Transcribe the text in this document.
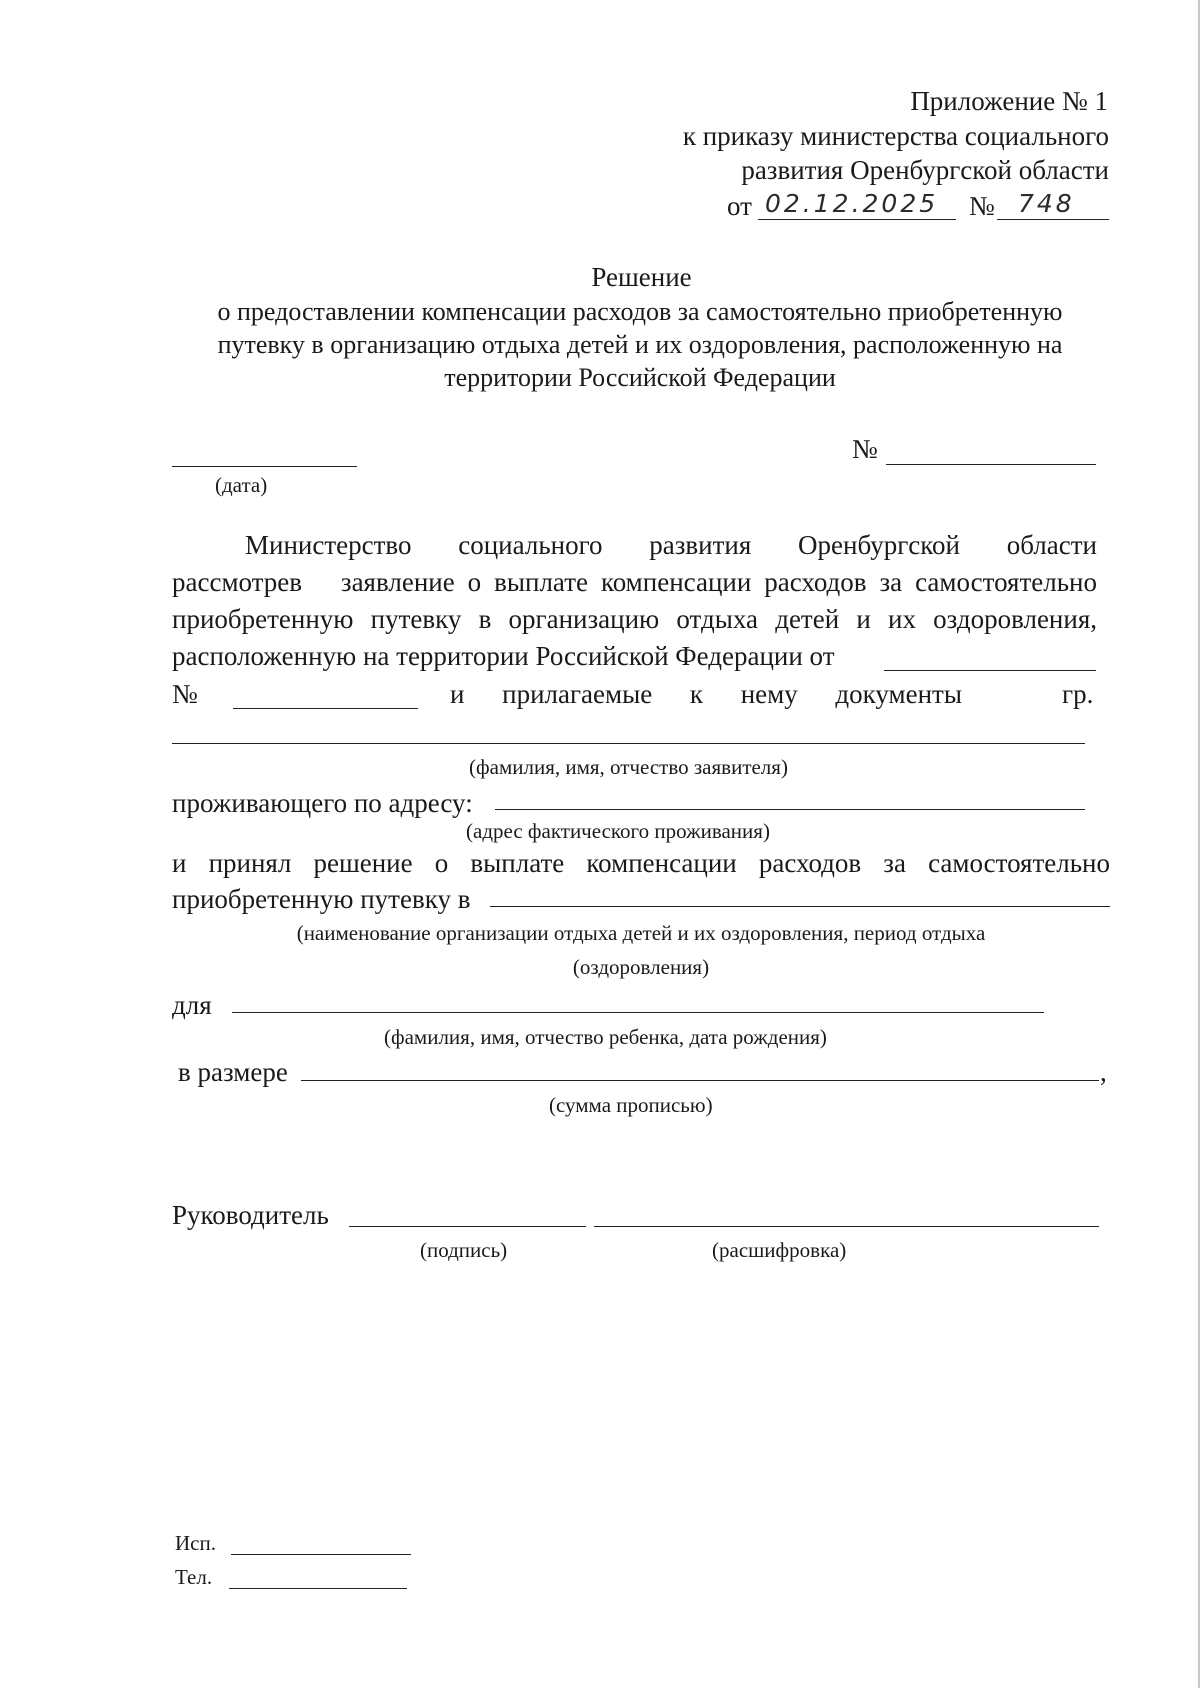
Приложение № 1
к приказу министерства социального
развития Оренбургской области
от 02.12.2025 № 748
Решение
о предоставлении компенсации расходов за самостоятельно приобретенную
путевку в организацию отдыха детей и их оздоровления, расположенную на
территории Российской Федерации
(дата)
№
Министерство социального развития Оренбургской области
рассмотрев   заявление о выплате компенсации расходов за самостоятельно
приобретенную путевку в организацию отдыха детей и их оздоровления,
расположенную на территории Российской Федерации от
№	и прилагаемые к нему документы	гр.
(фамилия, имя, отчество заявителя)
проживающего по адресу:
(адрес фактического проживания)
и принял решение о выплате компенсации расходов за самостоятельно
приобретенную путевку в
(наименование организации отдыха детей и их оздоровления, период отдыха
(оздоровления)
для
(фамилия, имя, отчество ребенка, дата рождения)
в размере	,
(сумма прописью)
Руководитель
(подпись)	(расшифровка)
Исп.
Тел.
